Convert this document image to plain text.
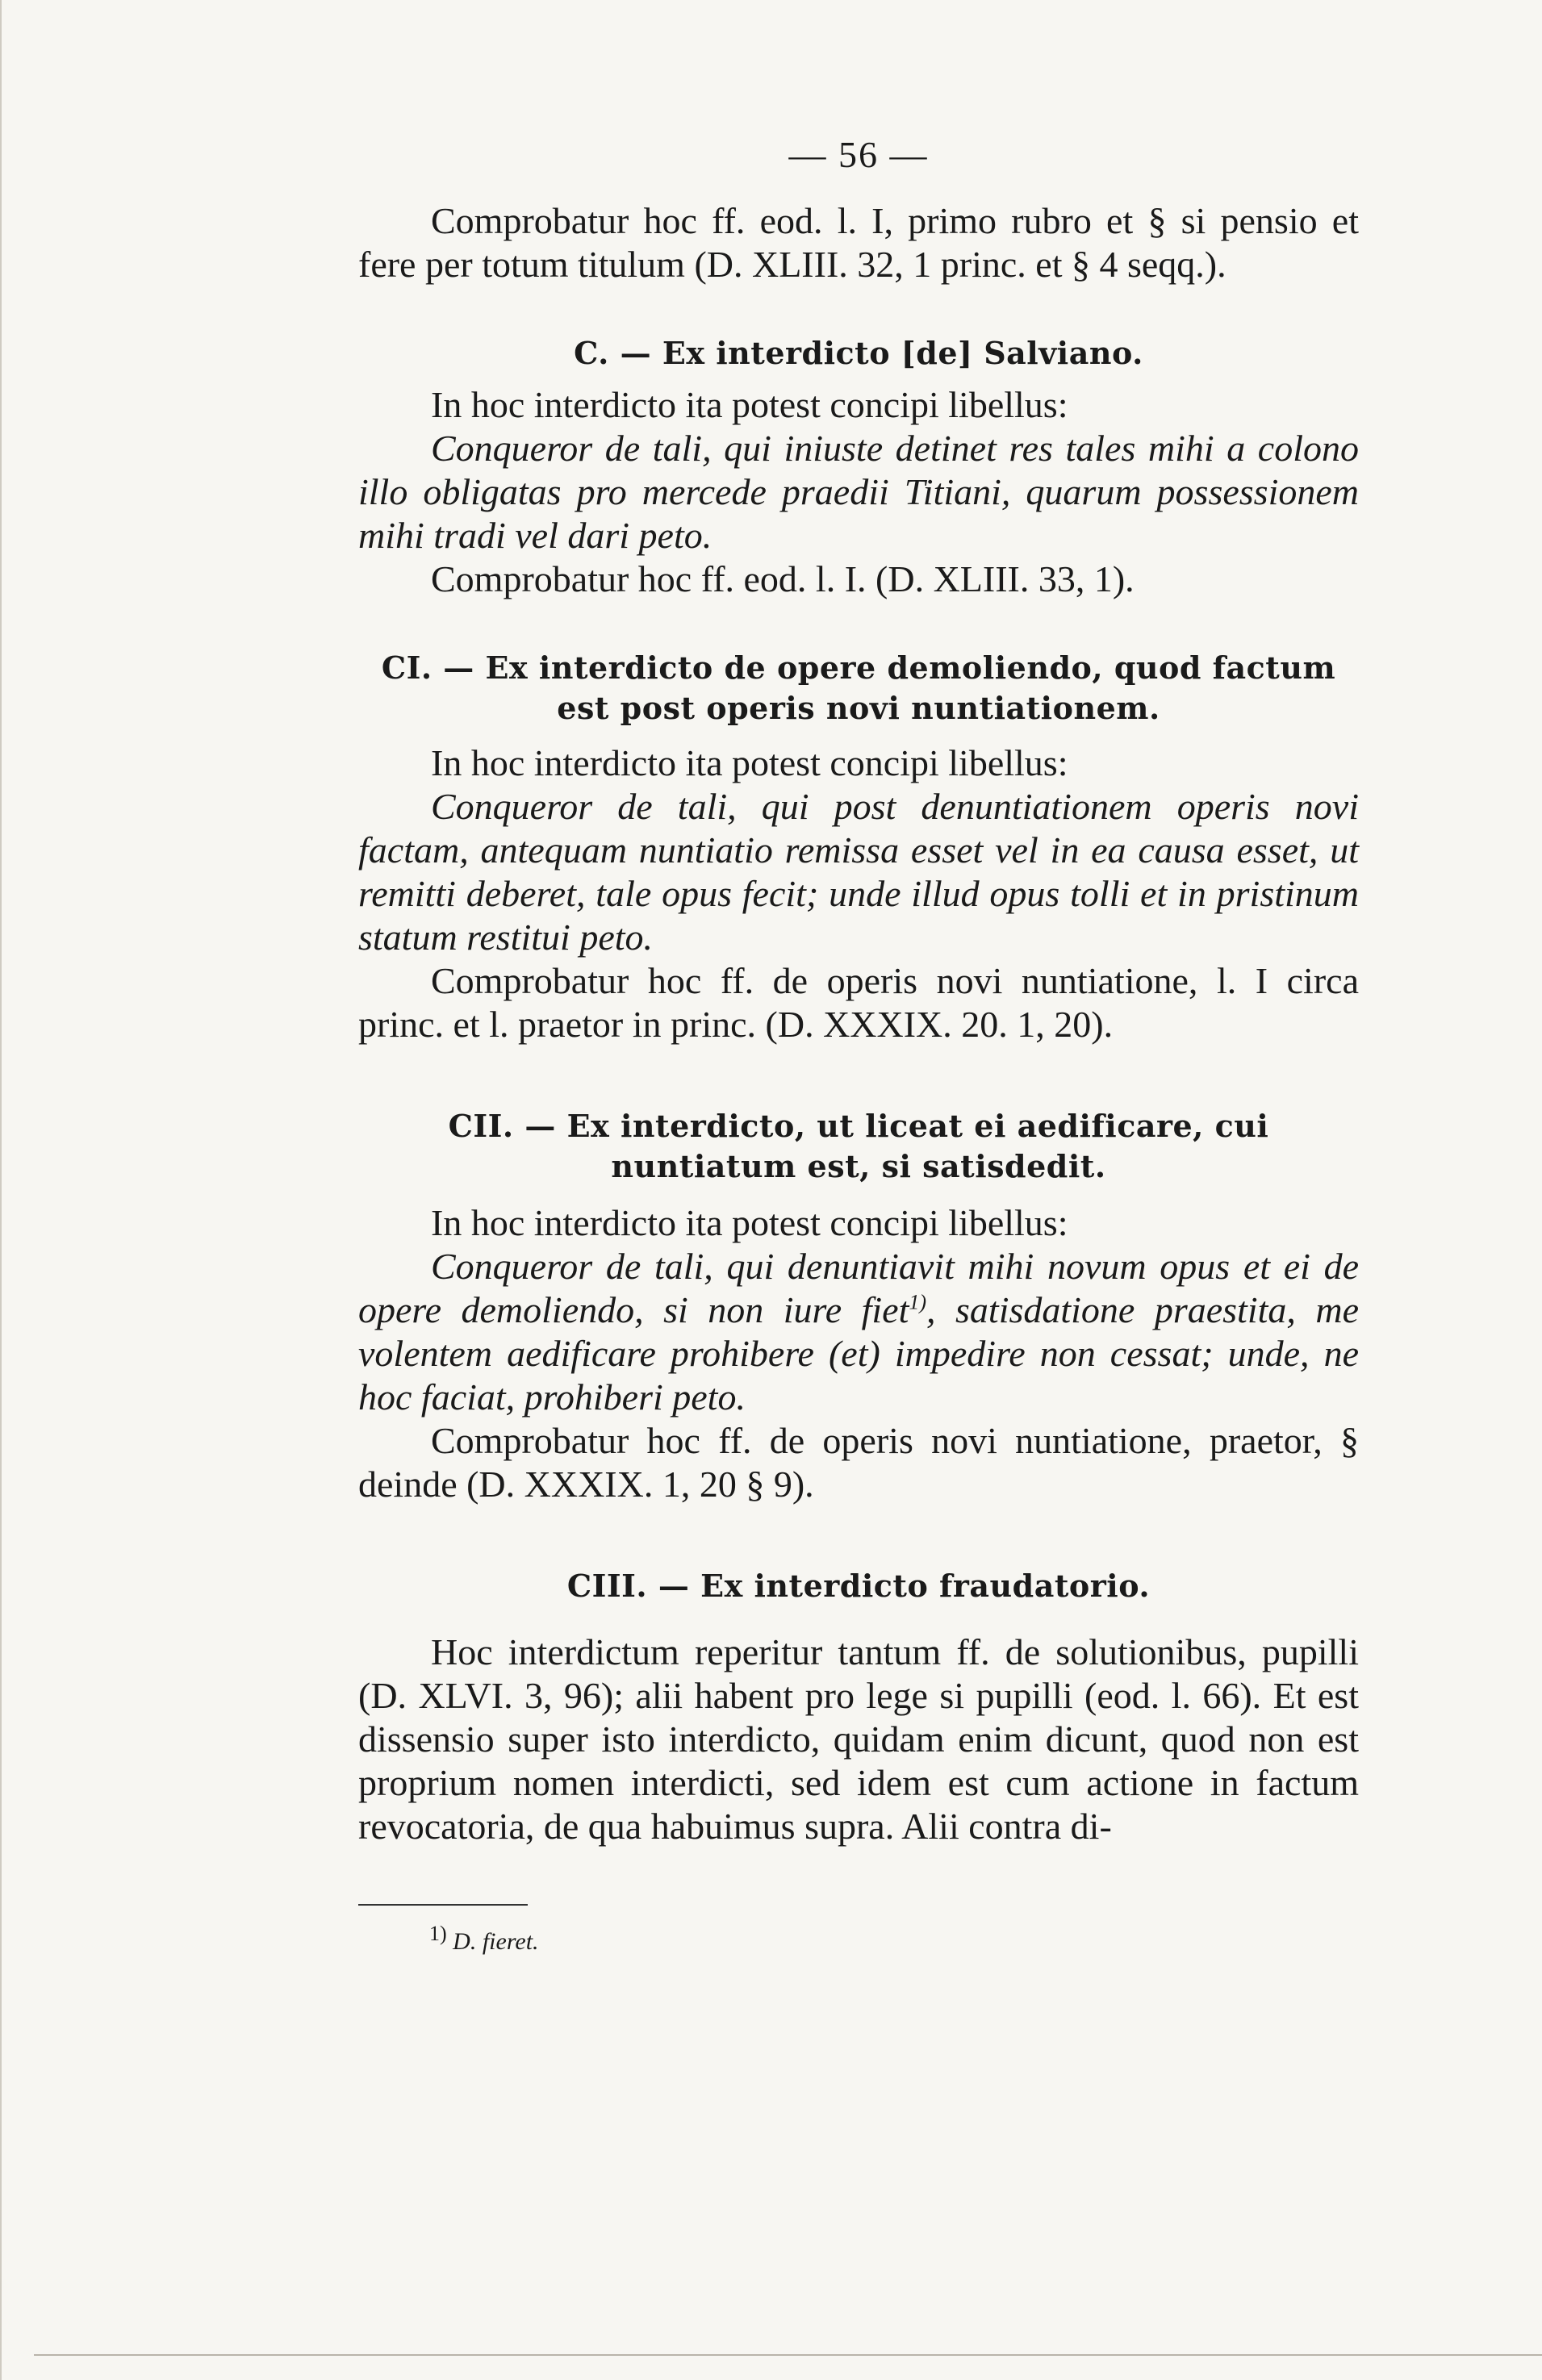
— 56 —

Comprobatur hoc ff. eod. l. I, primo rubro et § si pensio et fere per totum titulum (D. XLIII. 32, 1 princ. et § 4 seqq.).

C. — Ex interdicto [de] Salviano.

In hoc interdicto ita potest concipi libellus:

Conqueror de tali, qui iniuste detinet res tales mihi a colono illo obligatas pro mercede praedii Titiani, quarum possessionem mihi tradi vel dari peto.

Comprobatur hoc ff. eod. l. I. (D. XLIII. 33, 1).

CI. — Ex interdicto de opere demoliendo, quod factum est post operis novi nuntiationem.

In hoc interdicto ita potest concipi libellus:

Conqueror de tali, qui post denuntiationem operis novi factam, antequam nuntiatio remissa esset vel in ea causa esset, ut remitti deberet, tale opus fecit; unde illud opus tolli et in pristinum statum restitui peto.

Comprobatur hoc ff. de operis novi nuntiatione, l. I circa princ. et l. praetor in princ. (D. XXXIX. 20. 1, 20).

CII. — Ex interdicto, ut liceat ei aedificare, cui nuntiatum est, si satisdedit.

In hoc interdicto ita potest concipi libellus:

Conqueror de tali, qui denuntiavit mihi novum opus et ei de opere demoliendo, si non iure fiet$^{1)}$, satisdatione praestita, me volentem aedificare prohibere (et) impedire non cessat; unde, ne hoc faciat, prohiberi peto.

Comprobatur hoc ff. de operis novi nuntiatione, praetor, § deinde (D. XXXIX. 1, 20 § 9).

CIII. — Ex interdicto fraudatorio.

Hoc interdictum reperitur tantum ff. de solutionibus, pupilli (D. XLVI. 3, 96); alii habent pro lege si pupilli (eod. l. 66). Et est dissensio super isto interdicto, quidam enim dicunt, quod non est proprium nomen interdicti, sed idem est cum actione in factum revocatoria, de qua habuimus supra. Alii contra di-

$^{1)}$ D. fieret.
